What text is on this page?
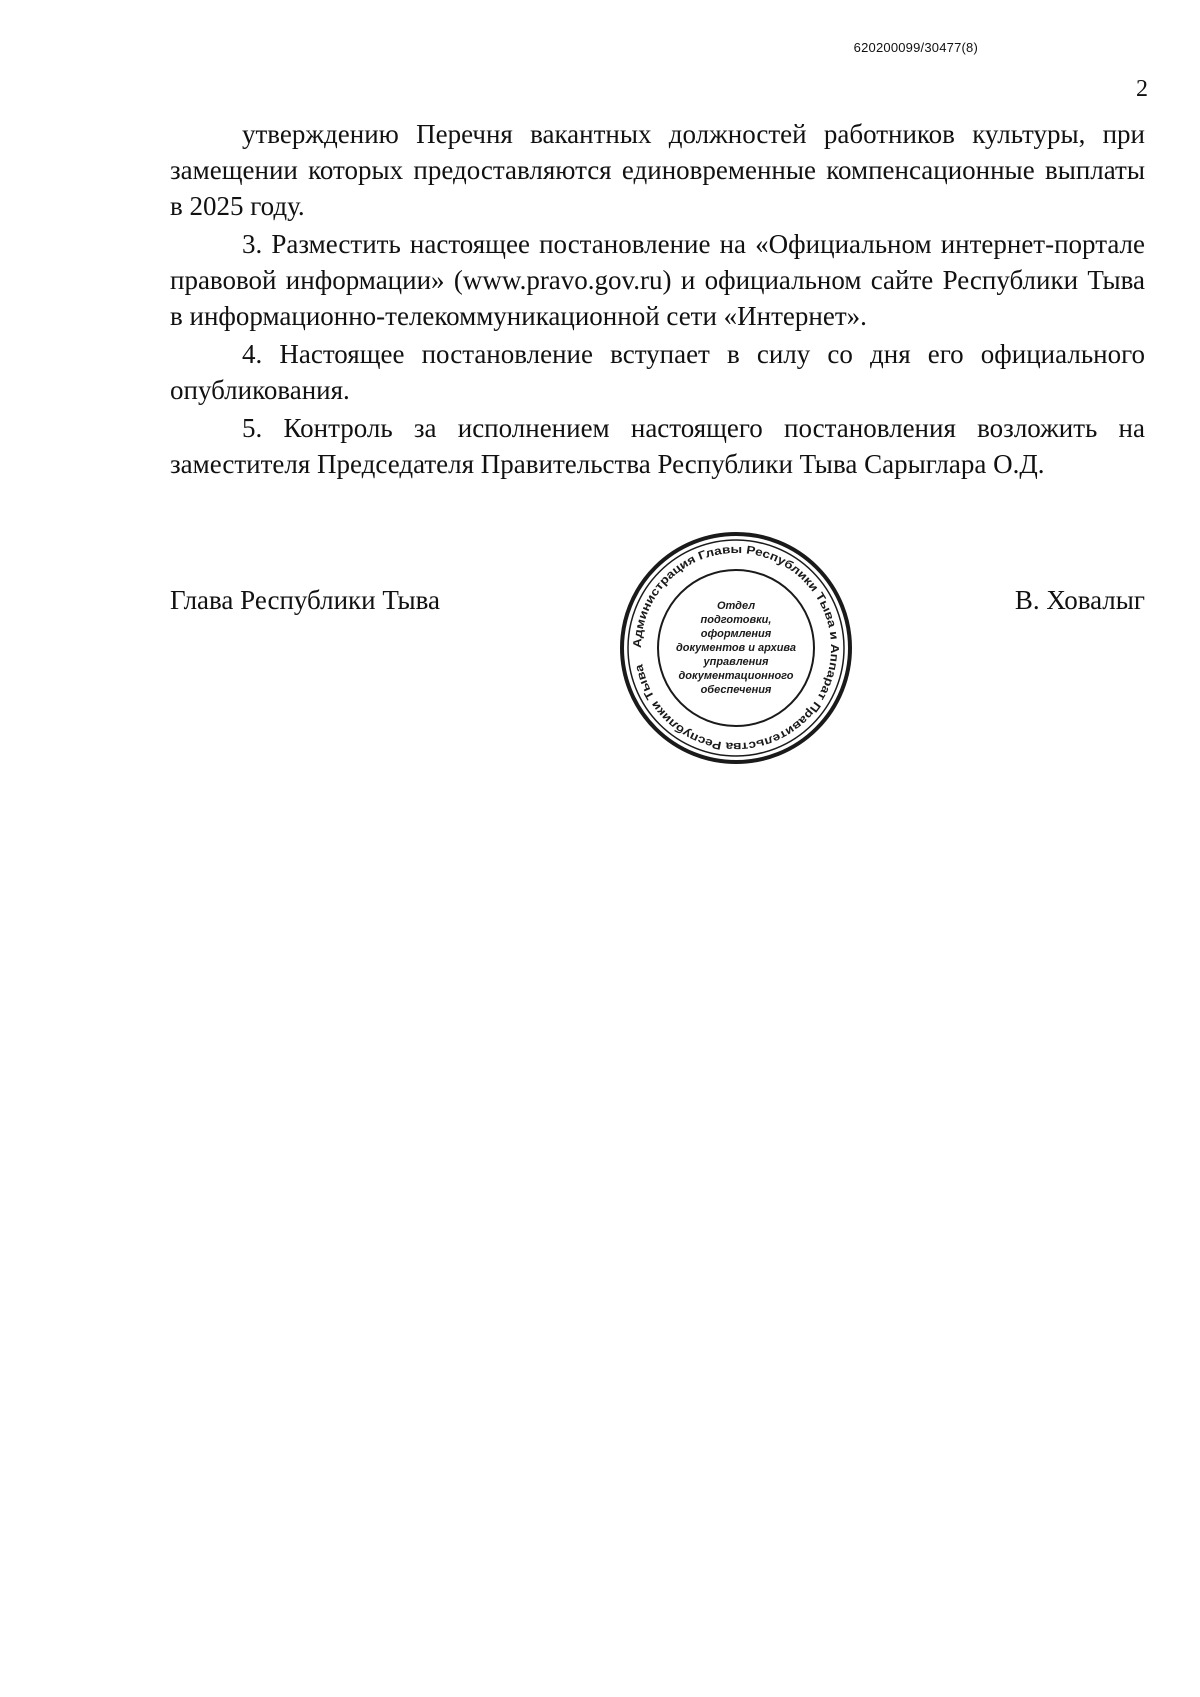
620200099/30477(8)
2

утверждению Перечня вакантных должностей работников культуры, при замещении которых предоставляются единовременные компенсационные выплаты в 2025 году.

3. Разместить настоящее постановление на «Официальном интернет-портале правовой информации» (www.pravo.gov.ru) и официальном сайте Республики Тыва в информационно-телекоммуникационной сети «Интернет».

4. Настоящее постановление вступает в силу со дня его официального опубликования.

5. Контроль за исполнением настоящего постановления возложить на заместителя Председателя Правительства Республики Тыва Сарыглара О.Д.

Глава Республики Тыва	В. Ховалыг
Администрация Главы Республики Тыва и Аппарат Правительства Республики Тыва
Отдел
подготовки,
оформления
документов и архива
управления
документационного
обеспечения
